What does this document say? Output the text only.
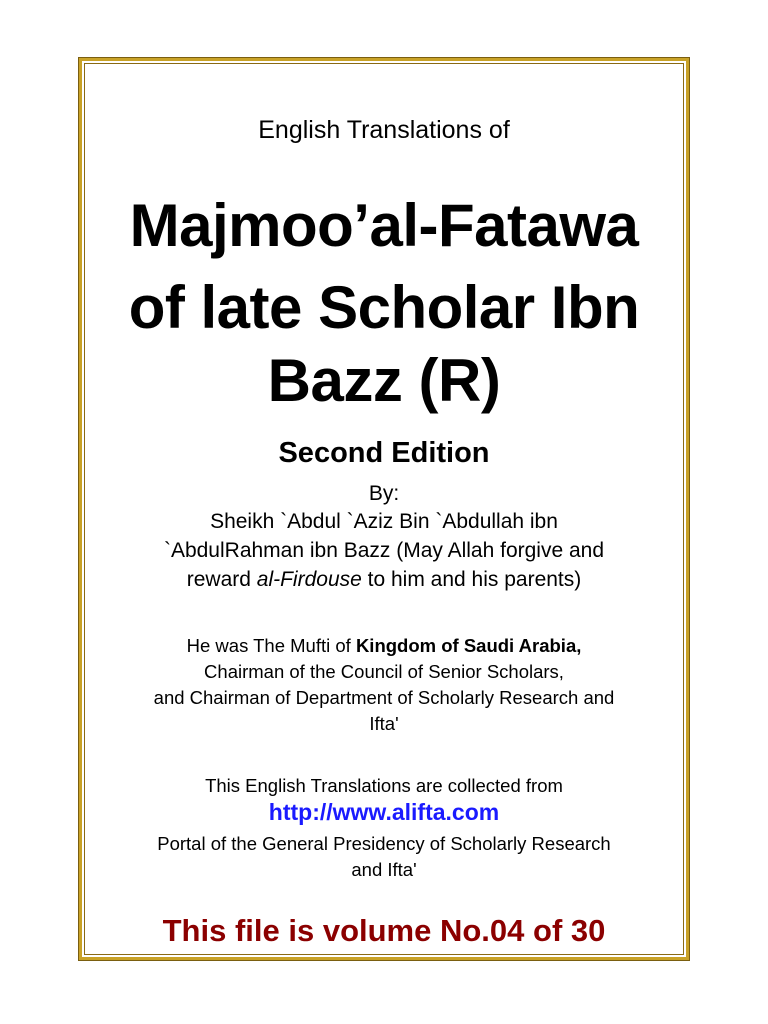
English Translations of
Majmoo’al-Fatawa
of late Scholar Ibn
Bazz (R)
Second Edition
By:
Sheikh `Abdul `Aziz Bin `Abdullah ibn
`AbdulRahman ibn Bazz (May Allah forgive and
reward al-Firdouse to him and his parents)
He was The Mufti of Kingdom of Saudi Arabia,
Chairman of the Council of Senior Scholars,
and Chairman of Department of Scholarly Research and
Ifta'
This English Translations are collected from
http://www.alifta.com
Portal of the General Presidency of Scholarly Research
and Ifta'
This file is volume No.04 of 30
